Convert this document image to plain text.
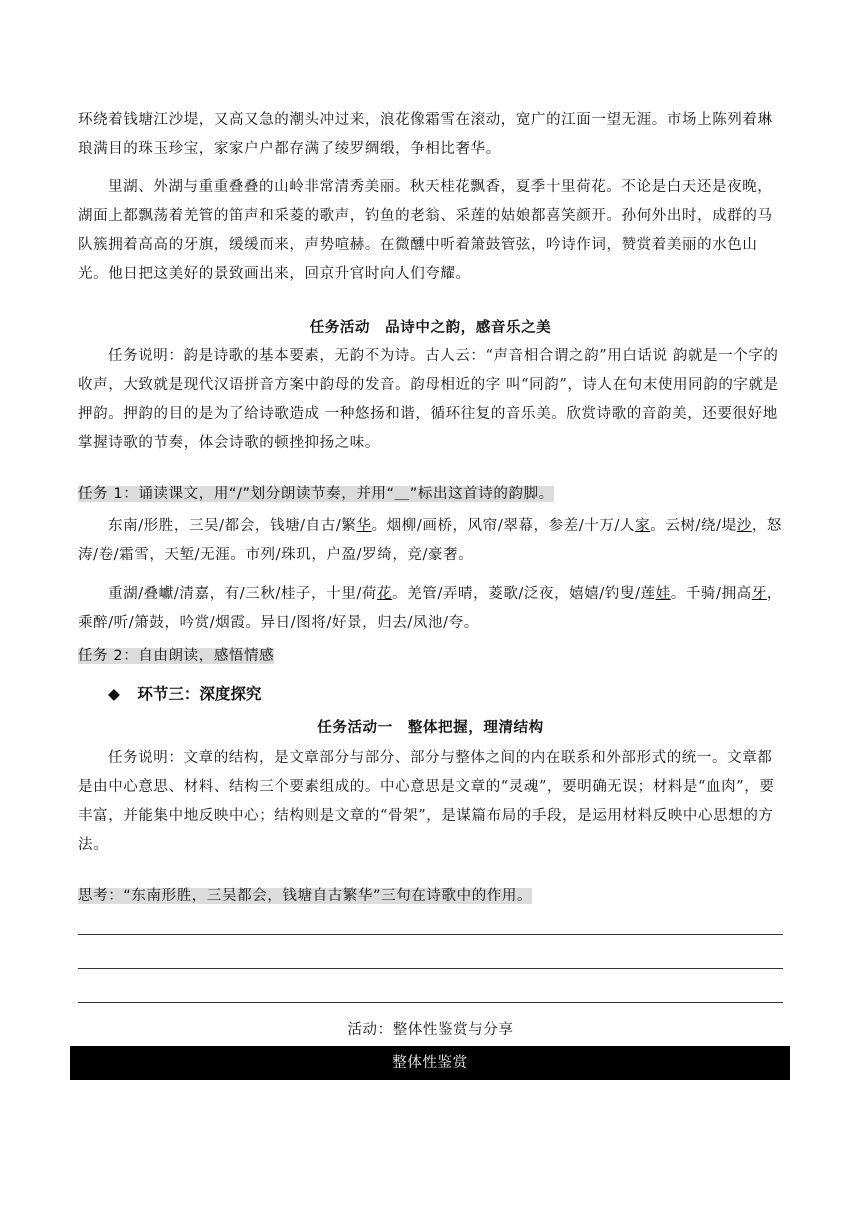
环绕着钱塘江沙堤，又高又急的潮头冲过来，浪花像霜雪在滚动，宽广的江面一望无涯。市场上陈列着琳琅满目的珠玉珍宝，家家户户都存满了绫罗绸缎，争相比奢华。

里湖、外湖与重重叠叠的山岭非常清秀美丽。秋天桂花飘香，夏季十里荷花。不论是白天还是夜晚，湖面上都飘荡着羌管的笛声和采菱的歌声，钓鱼的老翁、采莲的姑娘都喜笑颜开。孙何外出时，成群的马队簇拥着高高的牙旗，缓缓而来，声势喧赫。在微醺中听着箫鼓管弦，吟诗作词，赞赏着美丽的水色山光。他日把这美好的景致画出来，回京升官时向人们夸耀。

任务活动　品诗中之韵，感音乐之美

任务说明：韵是诗歌的基本要素，无韵不为诗。古人云：“声音相合谓之韵”用白话说 韵就是一个字的收声，大致就是现代汉语拼音方案中韵母的发音。韵母相近的字 叫“同韵”，诗人在句末使用同韵的字就是押韵。押韵的目的是为了给诗歌造成 一种悠扬和谐，循环往复的音乐美。欣赏诗歌的音韵美，还要很好地掌握诗歌的节奏，体会诗歌的顿挫抑扬之味。

任务 1：诵读课文，用“/”划分朗读节奏，并用“＿”标出这首诗的韵脚。

东南/形胜，三吴/都会，钱塘/自古/繁华。烟柳/画桥，风帘/翠幕，参差/十万/人家。云树/绕/堤沙，怒涛/卷/霜雪，天堑/无涯。市列/珠玑，户盈/罗绮，竞/豪奢。

重湖/叠巘/清嘉，有/三秋/桂子，十里/荷花。羌管/弄晴，菱歌/泛夜，嬉嬉/钓叟/莲娃。千骑/拥高牙，乘醉/听/箫鼓，吟赏/烟霞。异日/图将/好景，归去/凤池/夸。

任务 2：自由朗读，感悟情感
◆ 环节三：深度探究
任务活动一　整体把握，理清结构

任务说明：文章的结构，是文章部分与部分、部分与整体之间的内在联系和外部形式的统一。文章都是由中心意思、材料、结构三个要素组成的。中心意思是文章的“灵魂”，要明确无误；材料是“血肉”，要丰富，并能集中地反映中心；结构则是文章的“骨架”，是谋篇布局的手段，是运用材料反映中心思想的方法。

思考：“东南形胜，三吴都会，钱塘自古繁华”三句在诗歌中的作用。
活动：整体性鉴赏与分享
整体性鉴赏
